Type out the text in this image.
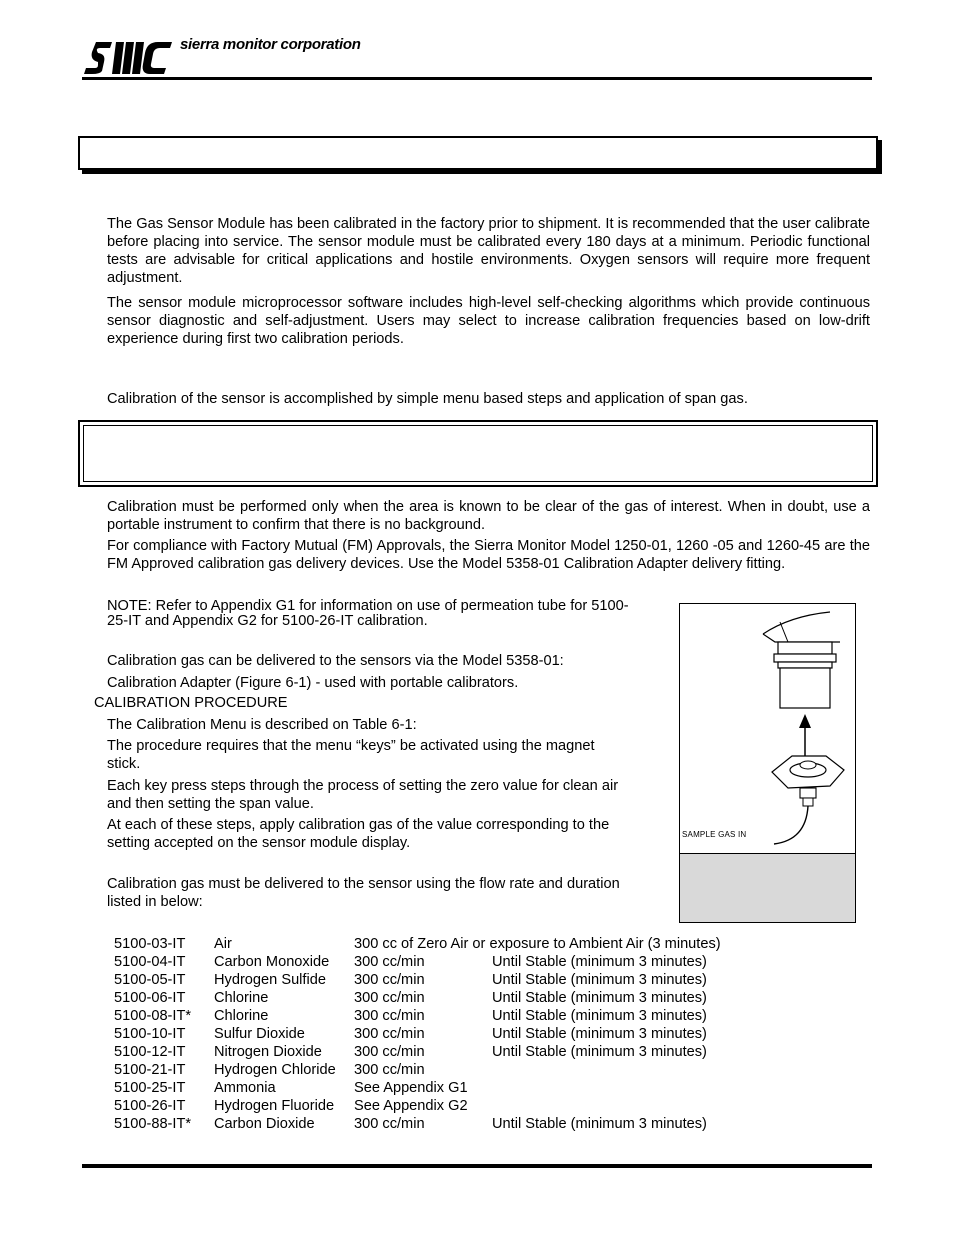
sierra monitor corporation
The Gas Sensor Module has been calibrated in the factory prior to shipment. It is recommended that the user calibrate before placing into service. The sensor module must be calibrated every 180 days at a minimum. Periodic functional tests are advisable for critical applications and hostile environments. Oxygen sensors will require more frequent adjustment.
The sensor module microprocessor software includes high-level self-checking algorithms which provide continuous sensor diagnostic and self-adjustment. Users may select to increase calibration frequencies based on low-drift experience during first two calibration periods.
Calibration of the sensor is accomplished by simple menu based steps and application of span gas.
Calibration must be performed only when the area is known to be clear of the gas of interest. When in doubt, use a portable instrument to confirm that there is no background.
For compliance with Factory Mutual (FM) Approvals, the Sierra Monitor Model 1250-01, 1260 -05 and 1260-45 are the FM Approved calibration gas delivery devices. Use the Model 5358-01 Calibration Adapter delivery fitting.
NOTE: Refer to Appendix G1 for information on use of permeation tube for 5100-
25-IT and Appendix G2 for 5100-26-IT calibration.
Calibration gas can be delivered to the sensors via the Model 5358-01:
Calibration Adapter (Figure 6-1) - used with portable calibrators.
CALIBRATION PROCEDURE
The Calibration Menu is described on Table 6-1:
The procedure requires that the menu “keys” be activated using the magnet
stick.
Each key press steps through the process of setting the zero value for clean air
and then setting the span value.
At each of these steps, apply calibration gas of the value corresponding to the
setting accepted on the sensor module display.
Calibration gas must be delivered to the sensor using the flow rate and duration
listed in below:
SAMPLE GAS IN
5100-03-IT	Air	300 cc of Zero Air or exposure to Ambient Air (3 minutes)	
5100-04-IT	Carbon Monoxide	300 cc/min	Until Stable (minimum 3 minutes)
5100-05-IT	Hydrogen Sulfide	300 cc/min	Until Stable (minimum 3 minutes)
5100-06-IT	Chlorine	300 cc/min	Until Stable (minimum 3 minutes)
5100-08-IT*	Chlorine	300 cc/min	Until Stable (minimum 3 minutes)
5100-10-IT	Sulfur Dioxide	300 cc/min	Until Stable (minimum 3 minutes)
5100-12-IT	Nitrogen Dioxide	300 cc/min	Until Stable (minimum 3 minutes)
5100-21-IT	Hydrogen Chloride	300 cc/min	
5100-25-IT	Ammonia	See Appendix G1	
5100-26-IT	Hydrogen Fluoride	See Appendix G2	
5100-88-IT*	Carbon Dioxide	300 cc/min	Until Stable (minimum 3 minutes)
